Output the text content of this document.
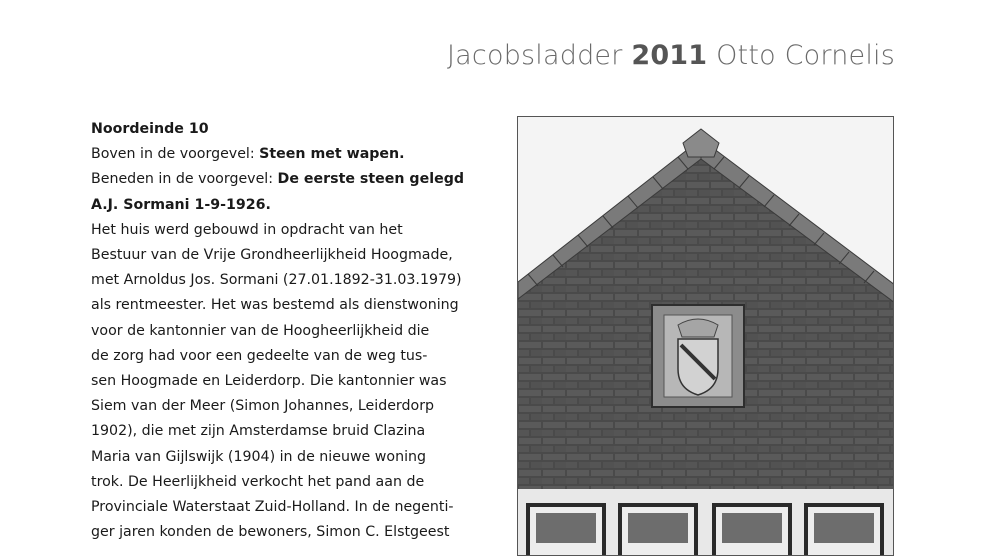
Jacobsladder 2011 Otto Cornelis
Noordeinde 10
Boven in de voorgevel: Steen met wapen.
Beneden in de voorgevel: De eerste steen gelegd
A.J. Sormani 1-9-1926.
Het huis werd gebouwd in opdracht van het
Bestuur van de Vrije Grondheerlijkheid Hoogmade,
met Arnoldus Jos. Sormani (27.01.1892-31.03.1979)
als rentmeester. Het was bestemd als dienstwoning
voor de kantonnier van de Hoogheerlijkheid die
de zorg had voor een gedeelte van de weg tus-
sen Hoogmade en Leiderdorp. Die kantonnier was
Siem van der Meer (Simon Johannes, Leiderdorp
1902), die met zijn Amsterdamse bruid Clazina
Maria van Gijlswijk (1904) in de nieuwe woning
trok. De Heerlijkheid verkocht het pand aan de
Provinciale Waterstaat Zuid-Holland. In de negenti-
ger jaren konden de bewoners, Simon C. Elstgeest
